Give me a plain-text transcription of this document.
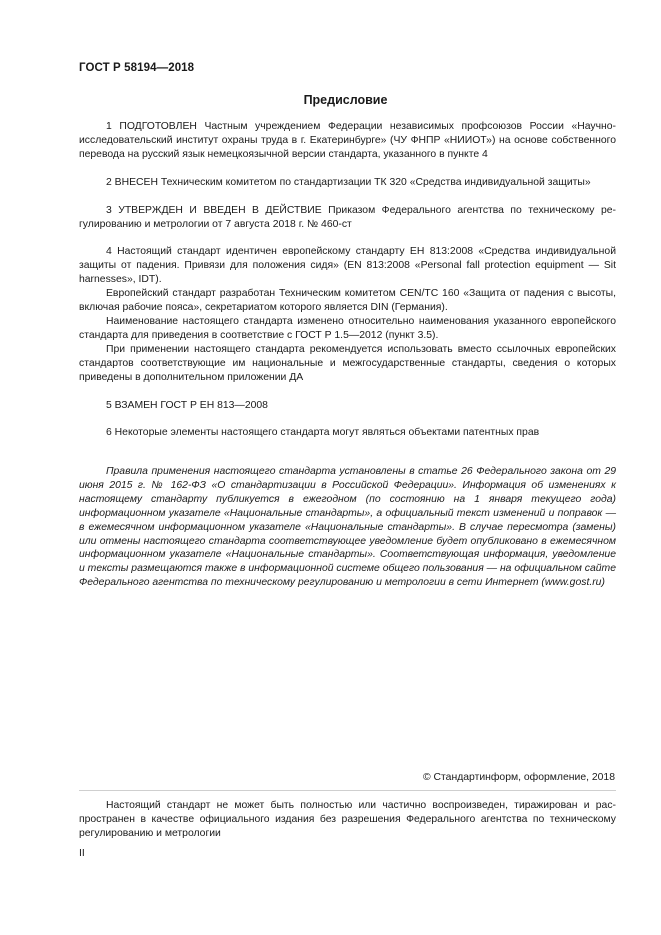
ГОСТ Р 58194—2018
Предисловие

1 ПОДГОТОВЛЕН Частным учреждением Федерации независимых профсоюзов России «Научно-исследовательский институт охраны труда в г. Екатеринбурге» (ЧУ ФНПР «НИИОТ») на основе собственного перевода на русский язык немецкоязычной версии стандарта, указанного в пункте 4

2 ВНЕСЕН Техническим комитетом по стандартизации ТК 320 «Средства индивидуальной защиты»

3 УТВЕРЖДЕН И ВВЕДЕН В ДЕЙСТВИЕ Приказом Федерального агентства по техническому регулированию и метрологии от 7 августа 2018 г. № 460-ст

4 Настоящий стандарт идентичен европейскому стандарту ЕН 813:2008 «Средства индивидуальной защиты от падения. Привязи для положения сидя» (EN 813:2008 «Personal fall protection equipment — Sit harnesses», IDT).

Европейский стандарт разработан Техническим комитетом CEN/TC 160 «Защита от падения с высоты, включая рабочие пояса», секретариатом которого является DIN (Германия).

Наименование настоящего стандарта изменено относительно наименования указанного европейского стандарта для приведения в соответствие с ГОСТ Р 1.5—2012 (пункт 3.5).

При применении настоящего стандарта рекомендуется использовать вместо ссылочных европейских стандартов соответствующие им национальные и межгосударственные стандарты, сведения о которых приведены в дополнительном приложении ДА

5 ВЗАМЕН ГОСТ Р ЕН 813—2008

6 Некоторые элементы настоящего стандарта могут являться объектами патентных прав

Правила применения настоящего стандарта установлены в статье 26 Федерального закона от 29 июня 2015 г. № 162-ФЗ «О стандартизации в Российской Федерации». Информация об изменениях к настоящему стандарту публикуется в ежегодном (по состоянию на 1 января текущего года) информационном указателе «Национальные стандарты», а официальный текст изменений и поправок — в ежемесячном информационном указателе «Национальные стандарты». В случае пересмотра (замены) или отмены настоящего стандарта соответствующее уведомление будет опубликовано в ежемесячном информационном указателе «Национальные стандарты». Соответствующая информация, уведомление и тексты размещаются также в информационной системе общего пользования — на официальном сайте Федерального агентства по техническому регулированию и метрологии в сети Интернет (www.gost.ru)

© Стандартинформ, оформление, 2018

Настоящий стандарт не может быть полностью или частично воспроизведен, тиражирован и распространен в качестве официального издания без разрешения Федерального агентства по техническому регулированию и метрологии

II
